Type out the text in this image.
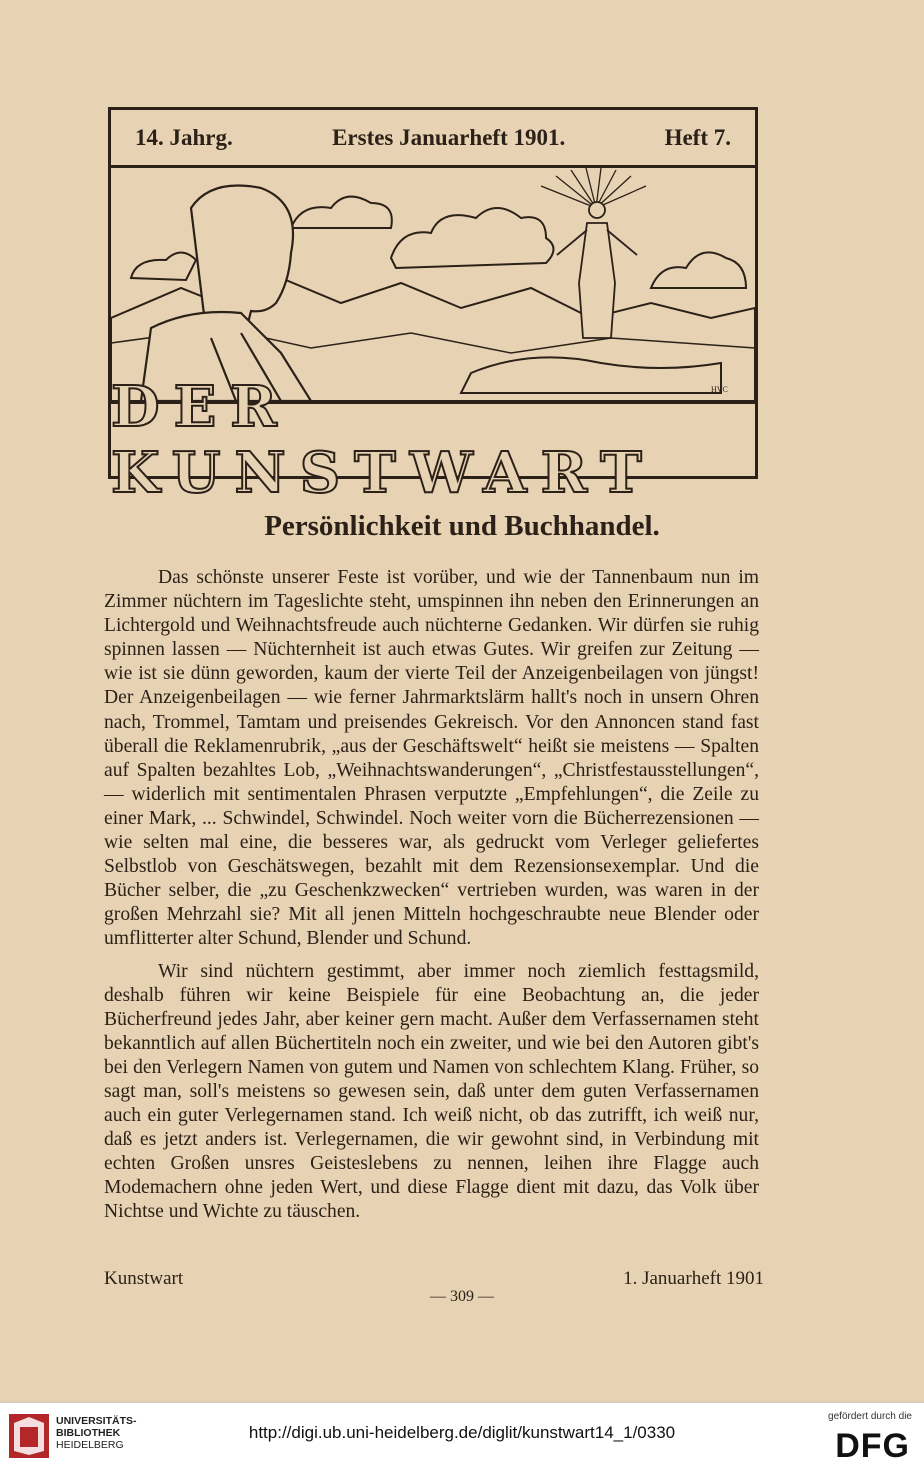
14. Jahrg.	Erstes Januarheft 1901.	Heft 7.
HVC
DER KUNSTWART
Persönlichkeit und Buchhandel.

Das schönste unserer Feste ist vorüber, und wie der Tannenbaum nun im Zimmer nüchtern im Tageslichte steht, umspinnen ihn neben den Erinnerungen an Lichtergold und Weihnachtsfreude auch nüchterne Gedanken. Wir dürfen sie ruhig spinnen lassen — Nüchternheit ist auch etwas Gutes. Wir greifen zur Zeitung — wie ist sie dünn geworden, kaum der vierte Teil der Anzeigenbeilagen von jüngst! Der Anzeigenbeilagen — wie ferner Jahrmarktslärm hallt's noch in unsern Ohren nach, Trommel, Tamtam und preisendes Gekreisch. Vor den Annoncen stand fast überall die Reklamenrubrik, „aus der Geschäftswelt“ heißt sie meistens — Spalten auf Spalten bezahltes Lob, „Weihnachtswanderungen“, „Christfestausstellungen“, — widerlich mit sentimentalen Phrasen verputzte „Empfehlungen“, die Zeile zu einer Mark, ... Schwindel, Schwindel. Noch weiter vorn die Bücherrezensionen — wie selten mal eine, die besseres war, als gedruckt vom Verleger geliefertes Selbstlob von Geschätswegen, bezahlt mit dem Rezensionsexemplar. Und die Bücher selber, die „zu Geschenkzwecken“ vertrieben wurden, was waren in der großen Mehrzahl sie? Mit all jenen Mitteln hochgeschraubte neue Blender oder umflitterter alter Schund, Blender und Schund.

Wir sind nüchtern gestimmt, aber immer noch ziemlich festtagsmild, deshalb führen wir keine Beispiele für eine Beobachtung an, die jeder Bücherfreund jedes Jahr, aber keiner gern macht. Außer dem Verfassernamen steht bekanntlich auf allen Büchertiteln noch ein zweiter, und wie bei den Autoren gibt's bei den Verlegern Namen von gutem und Namen von schlechtem Klang. Früher, so sagt man, soll's meistens so gewesen sein, daß unter dem guten Verfassernamen auch ein guter Verlegernamen stand. Ich weiß nicht, ob das zutrifft, ich weiß nur, daß es jetzt anders ist. Verlegernamen, die wir gewohnt sind, in Verbindung mit echten Großen unsres Geisteslebens zu nennen, leihen ihre Flagge auch Modemachern ohne jeden Wert, und diese Flagge dient mit dazu, das Volk über Nichtse und Wichte zu täuschen.

Kunstwart	1. Januarheft 1901
— 309 —
UNIVERSITÄTS-
BIBLIOTHEK
HEIDELBERG
http://digi.ub.uni-heidelberg.de/diglit/kunstwart14_1/0330
gefördert durch die
DFG
